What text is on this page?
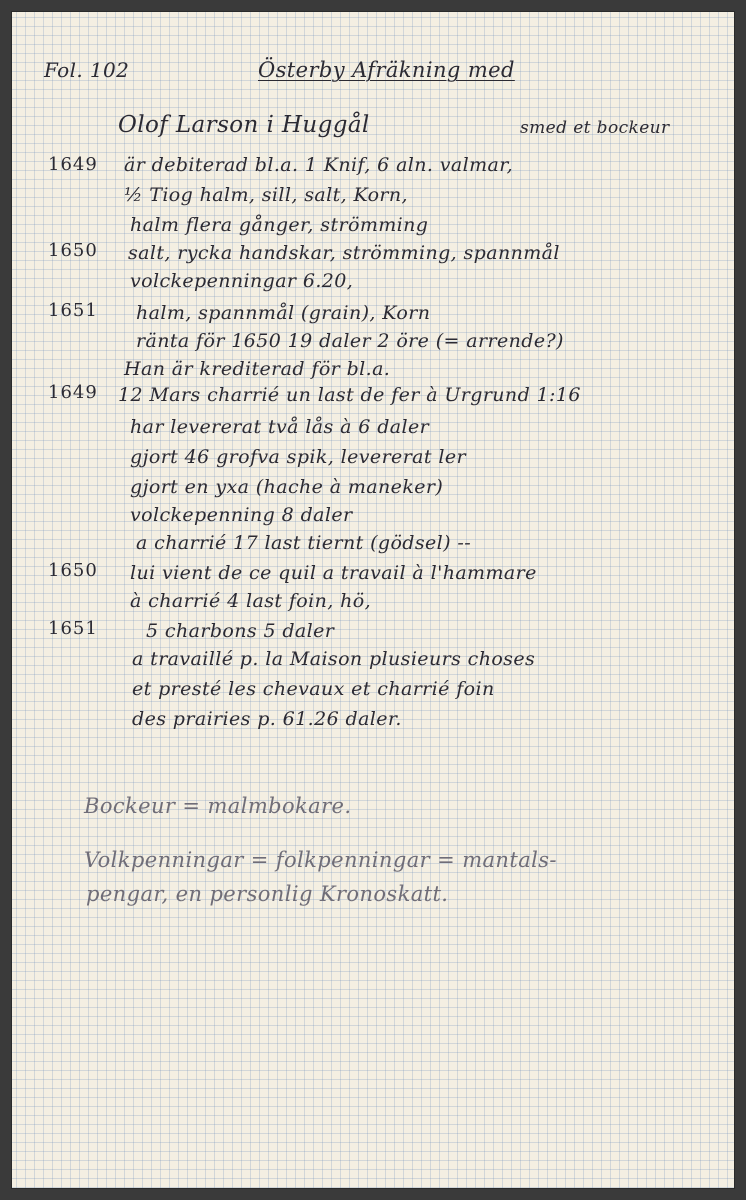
Fol. 102	Österby Afräkning med
Olof Larson i Huggål	smed et bockeur
1649 är debiterad bl.a. 1 Knif, 6 aln. valmar,
½ Tiog halm, sill, salt, Korn,
halm flera gånger, strömming
1650 salt, rycka handskar, strömming, spannmål
volckepenningar 6.20,
1651 halm, spannmål (grain), Korn
ränta för 1650 19 daler 2 öre (= arrende?)
Han är krediterad för bl.a.
1649 12 Mars charrié un last de fer à Urgrund 1:16
har levererat två lås à 6 daler
gjort 46 grofva spik, levererat ler
gjort en yxa (hache à maneker)
volckepenning 8 daler
a charrié 17 last tiernt (gödsel) --
1650 lui vient de ce quil a travail à l'hammare
à charrié 4 last foin, hö,
1651	5 charbons 5 daler
a travaillé p. la Maison plusieurs choses
et presté les chevaux et charrié foin
des prairies p. 61.26 daler.
Bockeur = malmbokare.
Volkpenningar = folkpenningar = mantals-
pengar, en personlig Kronoskatt.
